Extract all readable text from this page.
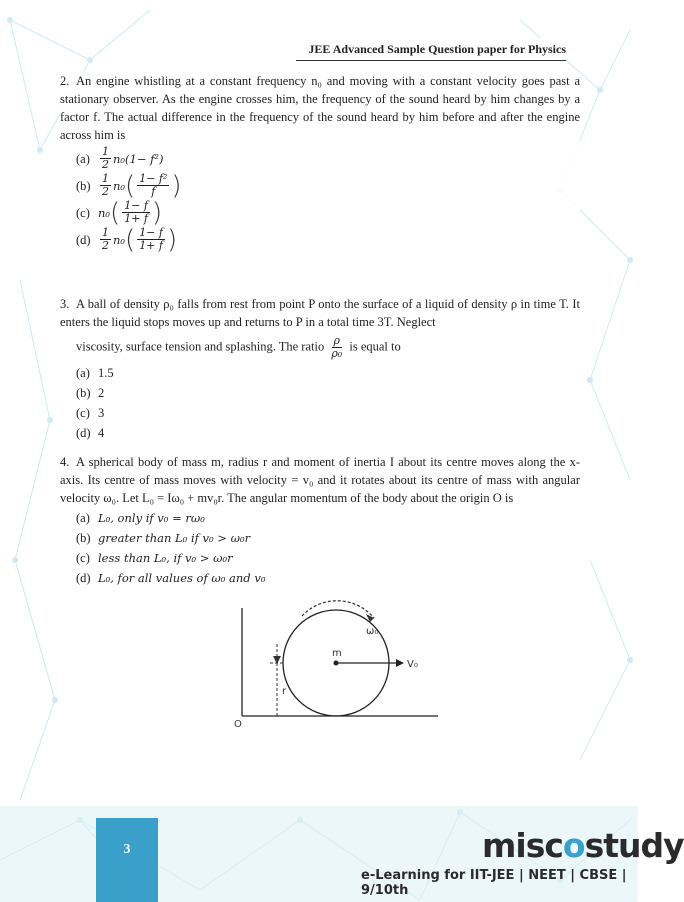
JEE Advanced Sample Question paper for Physics

2. An engine whistling at a constant frequency n₀ and moving with a constant velocity goes past a stationary observer. As the engine crosses him, the frequency of the sound heard by him changes by a factor f. The actual difference in the frequency of the sound heard by him before and after the engine across him is

$(a) \frac{1}{2} n_0(1- f^2)$
$(b) \frac{1}{2} n_0$ ( $\frac{\text{1− f²}}{f}$ )
(c) n₀ ( $\frac{1- f}{1+ f}$ )
$(d) \frac{1}{2} n_0$ ( $\frac{1- f}{1+ f}$ )

3. A ball of density ρ₀ falls from rest from point P onto the surface of a liquid of density ρ in time T. It enters the liquid stops moves up and returns to P in a total time 3T. Neglect

viscosity, surface tension and splashing. The ratio $\frac{\rho}{\text{ρ₀}}$ is equal to

(a) 1.5
(b) 2
(c) 3
(d) 4

4. A spherical body of mass m, radius r and moment of inertia I about its centre moves along the x-axis. Its centre of mass moves with velocity = v₀ and it rotates about its centre of mass with angular velocity ω₀. Let L₀ = Iω₀ + mv₀r. The angular momentum of the body about the origin O is

(a) L₀, only if v₀ = rω₀
(b) greater than L₀ if v₀ > ω₀r
(c) less than L₀, if v₀ > ω₀r
(d) L₀, for all values of ω₀ and v₀
ω₀
m
V₀
r
O
3	miscostudy
e-Learning for IIT-JEE | NEET | CBSE | 9/10th
